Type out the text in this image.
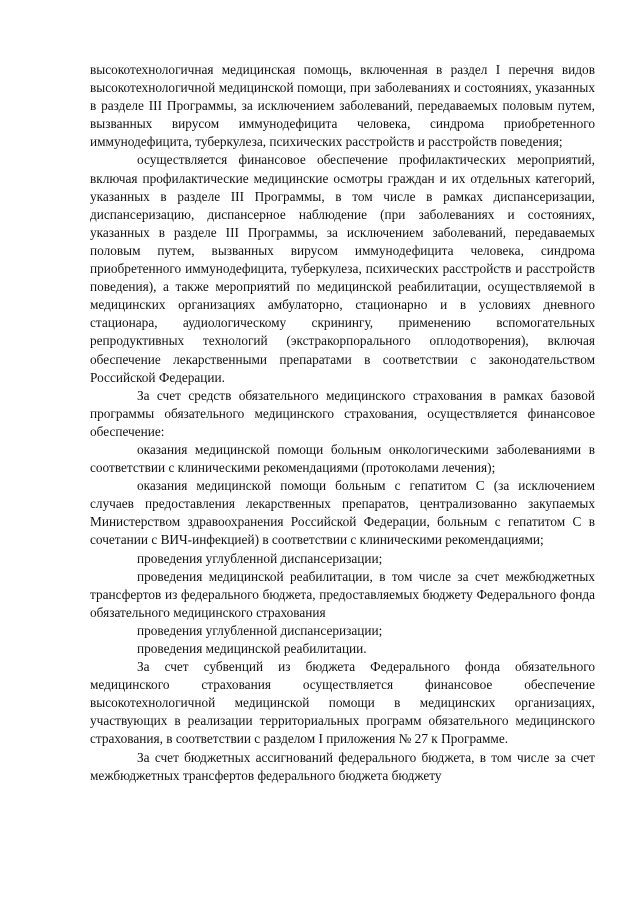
высокотехнологичная медицинская помощь, включенная в раздел I перечня видов высокотехнологичной медицинской помощи, при заболеваниях и состояниях, указанных в разделе III Программы, за исключением заболеваний, передаваемых половым путем, вызванных вирусом иммунодефицита человека, синдрома приобретенного иммунодефицита, туберкулеза, психических расстройств и расстройств поведения;

осуществляется финансовое обеспечение профилактических мероприятий, включая профилактические медицинские осмотры граждан и их отдельных категорий, указанных в разделе III Программы, в том числе в рамках диспансеризации, диспансеризацию, диспансерное наблюдение (при заболеваниях и состояниях, указанных в разделе III Программы, за исключением заболеваний, передаваемых половым путем, вызванных вирусом иммунодефицита человека, синдрома приобретенного иммунодефицита, туберкулеза, психических расстройств и расстройств поведения), а также мероприятий по медицинской реабилитации, осуществляемой в медицинских организациях амбулаторно, стационарно и в условиях дневного стационара, аудиологическому скринингу, применению вспомогательных репродуктивных технологий (экстракорпорального оплодотворения), включая обеспечение лекарственными препаратами в соответствии с законодательством Российской Федерации.

За счет средств обязательного медицинского страхования в рамках базовой программы обязательного медицинского страхования, осуществляется финансовое обеспечение:

оказания медицинской помощи больным онкологическими заболеваниями в соответствии с клиническими рекомендациями (протоколами лечения);

оказания медицинской помощи больным с гепатитом С (за исключением случаев предоставления лекарственных препаратов, централизованно закупаемых Министерством здравоохранения Российской Федерации, больным с гепатитом С в сочетании с ВИЧ-инфекцией) в соответствии с клиническими рекомендациями;

проведения углубленной диспансеризации;

проведения медицинской реабилитации, в том числе за счет межбюджетных трансфертов из федерального бюджета, предоставляемых бюджету Федерального фонда обязательного медицинского страхования

проведения углубленной диспансеризации;

проведения медицинской реабилитации.

За счет субвенций из бюджета Федерального фонда обязательного медицинского страхования осуществляется финансовое обеспечение высокотехнологичной медицинской помощи в медицинских организациях, участвующих в реализации территориальных программ обязательного медицинского страхования, в соответствии с разделом I приложения № 27 к Программе.

За счет бюджетных ассигнований федерального бюджета, в том числе за счет межбюджетных трансфертов федерального бюджета бюджету
